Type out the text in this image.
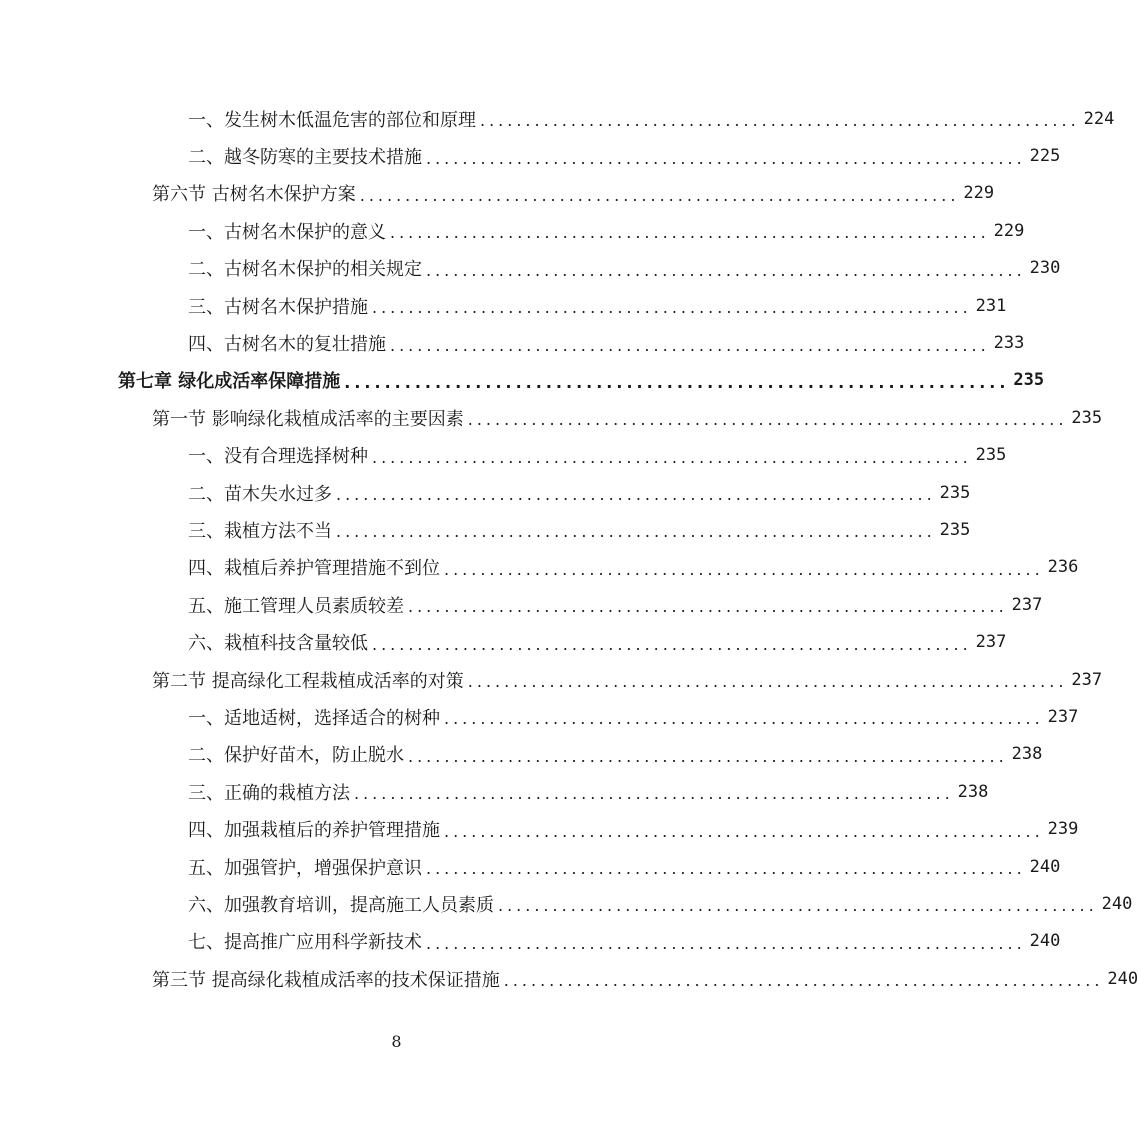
一、发生树木低温危害的部位和原理 .................................................................. 224
二、越冬防寒的主要技术措施 .................................................................. 225
第六节 古树名木保护方案 .................................................................. 229
一、古树名木保护的意义 .................................................................. 229
二、古树名木保护的相关规定 .................................................................. 230
三、古树名木保护措施 .................................................................. 231
四、古树名木的复壮措施 .................................................................. 233
第七章 绿化成活率保障措施 .................................................................. 235
第一节 影响绿化栽植成活率的主要因素 .................................................................. 235
一、没有合理选择树种 .................................................................. 235
二、苗木失水过多 .................................................................. 235
三、栽植方法不当 .................................................................. 235
四、栽植后养护管理措施不到位 .................................................................. 236
五、施工管理人员素质较差 .................................................................. 237
六、栽植科技含量较低 .................................................................. 237
第二节 提高绿化工程栽植成活率的对策 .................................................................. 237
一、适地适树，选择适合的树种 .................................................................. 237
二、保护好苗木，防止脱水 .................................................................. 238
三、正确的栽植方法 .................................................................. 238
四、加强栽植后的养护管理措施 .................................................................. 239
五、加强管护，增强保护意识 .................................................................. 240
六、加强教育培训，提高施工人员素质 .................................................................. 240
七、提高推广应用科学新技术 .................................................................. 240
第三节 提高绿化栽植成活率的技术保证措施 .................................................................. 240
8
